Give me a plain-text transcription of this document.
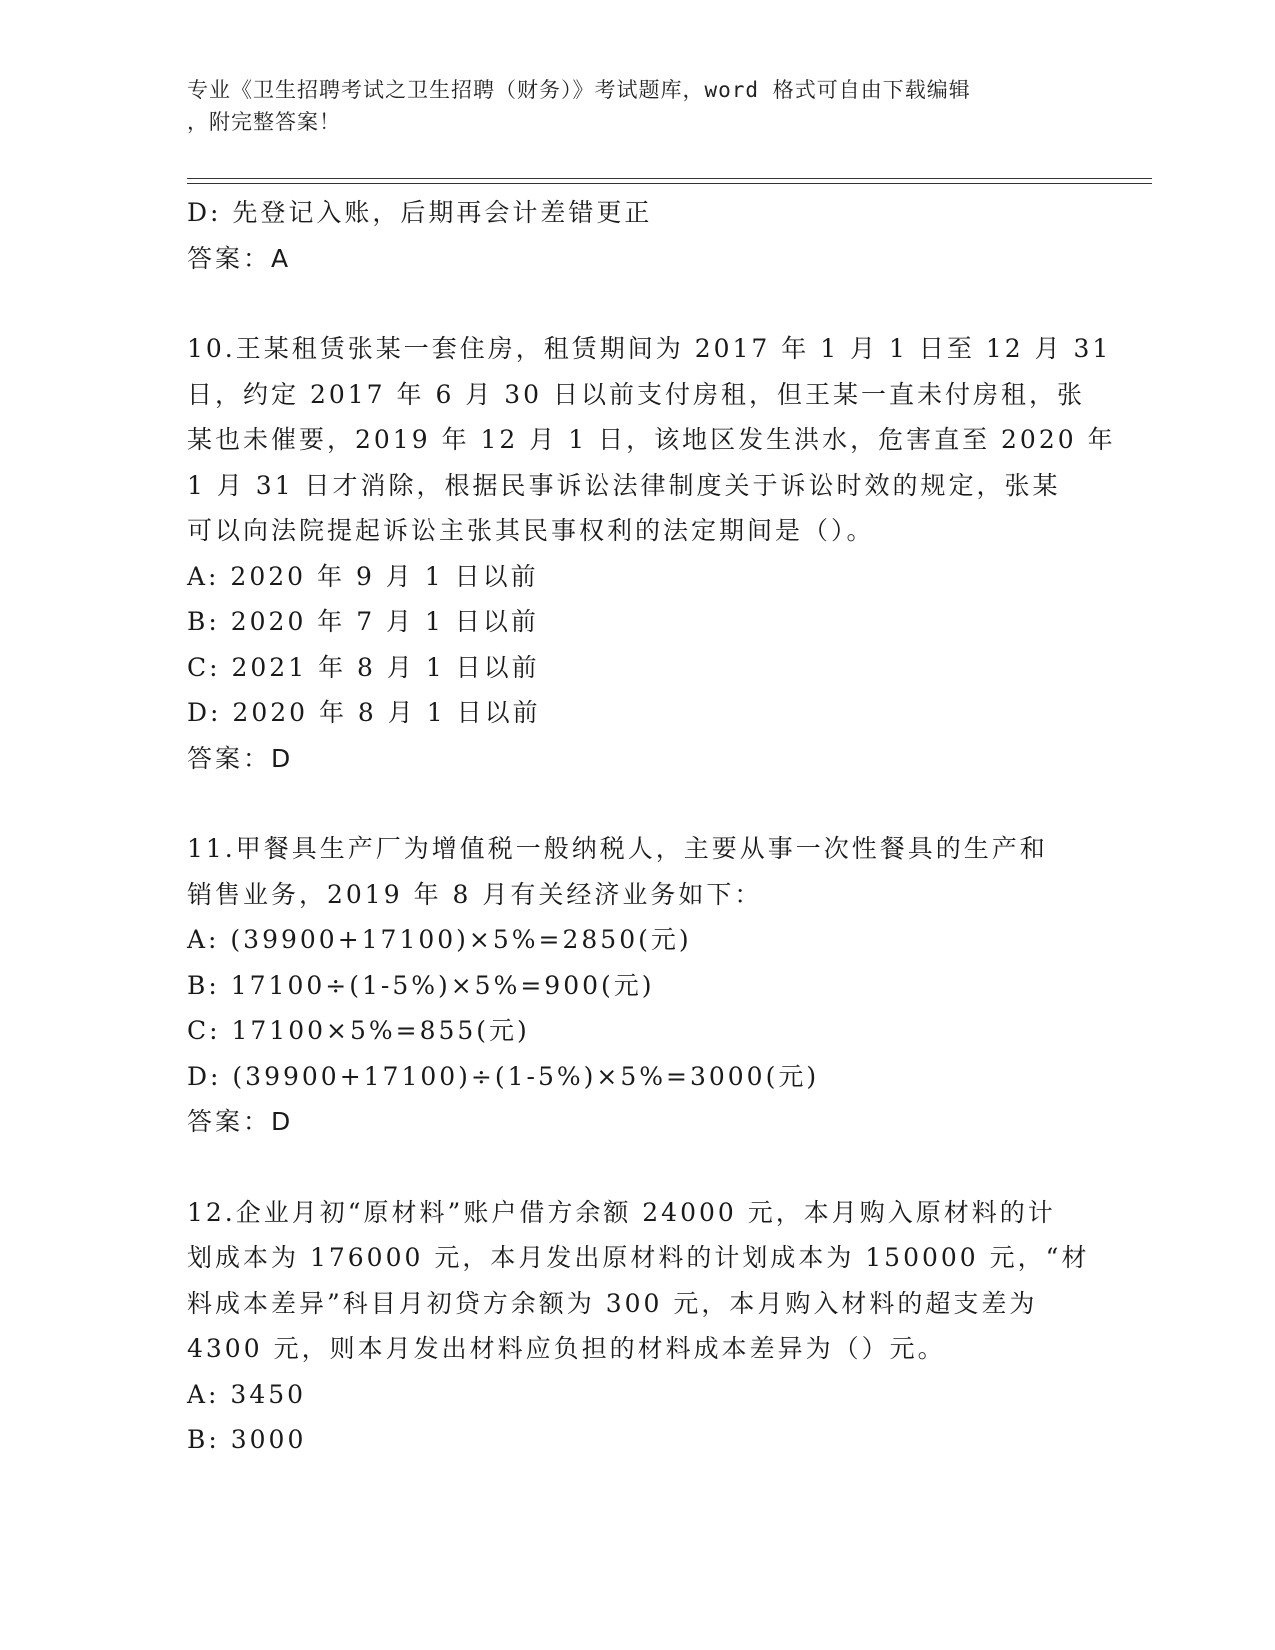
专业《卫生招聘考试之卫生招聘（财务）》考试题库，word 格式可自由下载编辑
，附完整答案！
D: 先登记入账，后期再会计差错更正
答案：A
10.王某租赁张某一套住房，租赁期间为 2017 年 1 月 1 日至 12 月 31
日，约定 2017 年 6 月 30 日以前支付房租，但王某一直未付房租，张
某也未催要，2019 年 12 月 1 日，该地区发生洪水，危害直至 2020 年
1 月 31 日才消除，根据民事诉讼法律制度关于诉讼时效的规定，张某
可以向法院提起诉讼主张其民事权利的法定期间是（）。
A: 2020 年 9 月 1 日以前
B: 2020 年 7 月 1 日以前
C: 2021 年 8 月 1 日以前
D: 2020 年 8 月 1 日以前
答案：D
11.甲餐具生产厂为增值税一般纳税人，主要从事一次性餐具的生产和
销售业务，2019 年 8 月有关经济业务如下：
A: (39900+17100)×5%=2850(元)
B: 17100÷(1-5%)×5%=900(元)
C: 17100×5%=855(元)
D: (39900+17100)÷(1-5%)×5%=3000(元)
答案：D
12.企业月初“原材料”账户借方余额 24000 元，本月购入原材料的计
划成本为 176000 元，本月发出原材料的计划成本为 150000 元，“材
料成本差异”科目月初贷方余额为 300 元，本月购入材料的超支差为
4300 元，则本月发出材料应负担的材料成本差异为（）元。
A: 3450
B: 3000
